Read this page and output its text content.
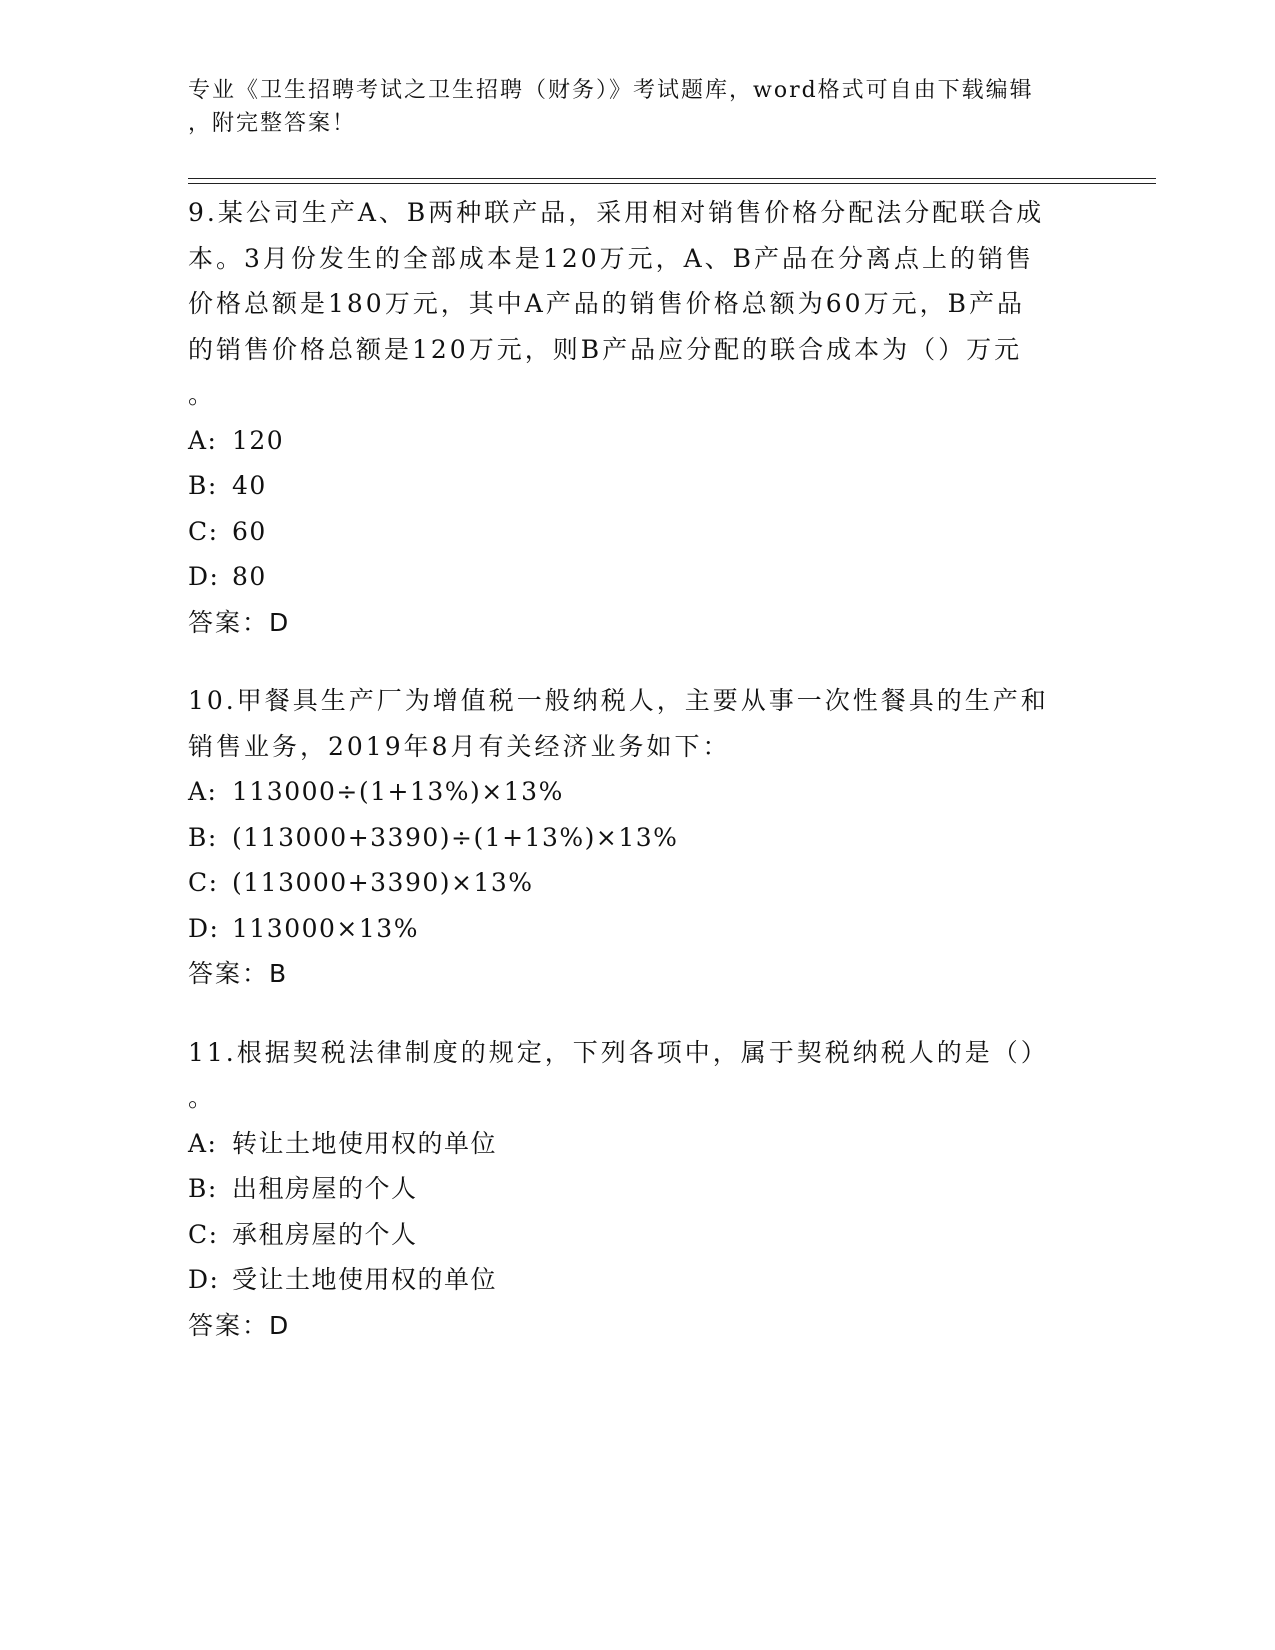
专业《卫生招聘考试之卫生招聘（财务）》考试题库，word格式可自由下载编辑
，附完整答案！

9.某公司生产A、B两种联产品，采用相对销售价格分配法分配联合成

本。3月份发生的全部成本是120万元，A、B产品在分离点上的销售

价格总额是180万元，其中A产品的销售价格总额为60万元，B产品

的销售价格总额是120万元，则B产品应分配的联合成本为（）万元

。

A: 120

B: 40

C: 60

D: 80

答案：D

10.甲餐具生产厂为增值税一般纳税人，主要从事一次性餐具的生产和

销售业务，2019年8月有关经济业务如下：

A: 113000÷(1+13%)×13%

B: (113000+3390)÷(1+13%)×13%

C: (113000+3390)×13%

D: 113000×13%

答案：B

11.根据契税法律制度的规定，下列各项中，属于契税纳税人的是（）

。

A: 转让土地使用权的单位

B: 出租房屋的个人

C: 承租房屋的个人

D: 受让土地使用权的单位

答案：D
